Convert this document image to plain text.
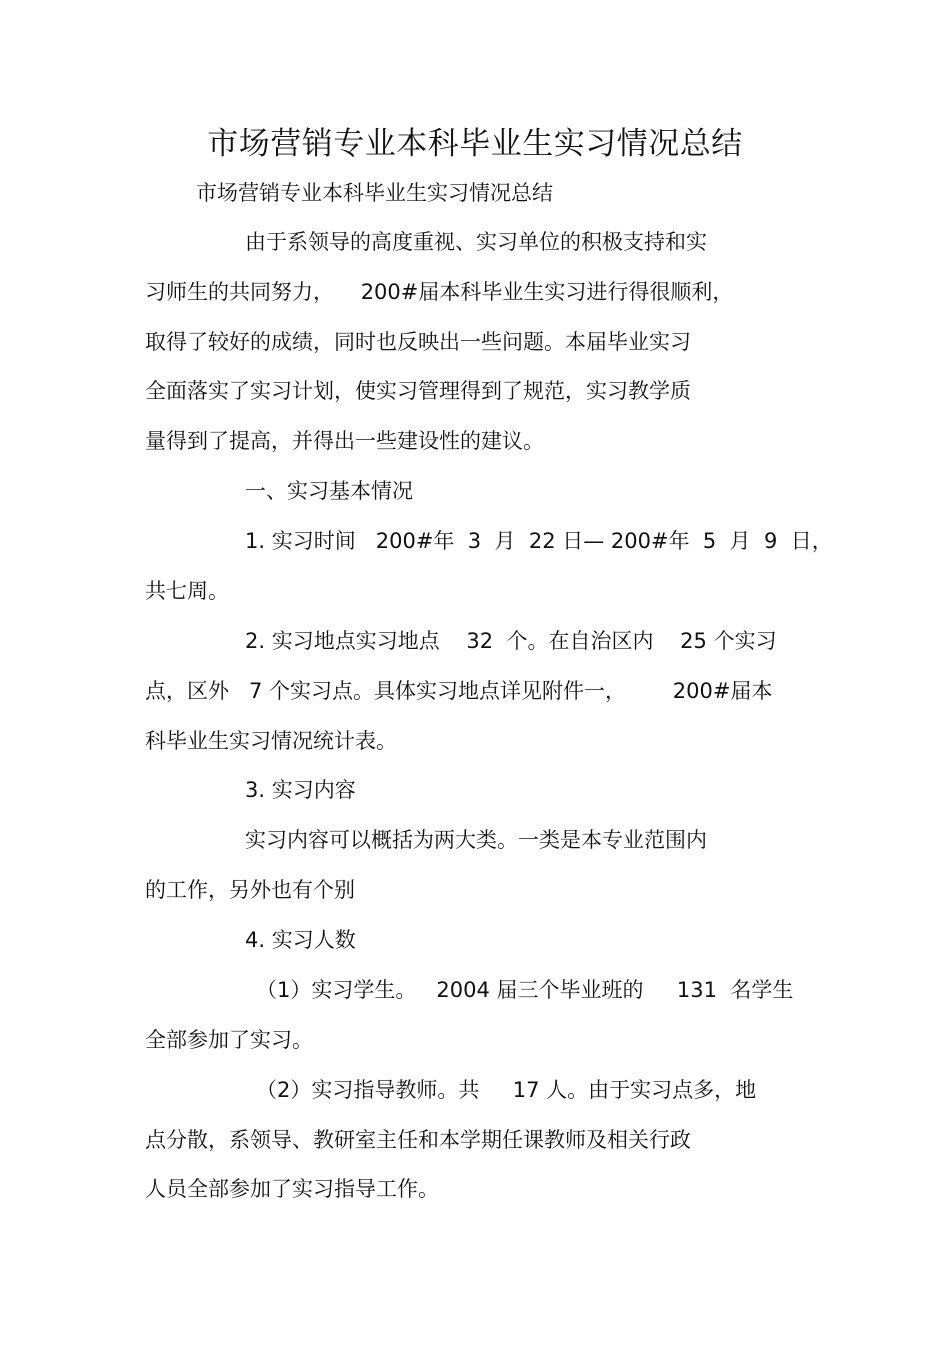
市场营销专业本科毕业生实习情况总结
市场营销专业本科毕业生实习情况总结
由于系领导的高度重视、实习单位的积极支持和实
习师生的共同努力，    200#届本科毕业生实习进行得很顺利，
取得了较好的成绩，同时也反映出一些问题。本届毕业实习
全面落实了实习计划，使实习管理得到了规范，实习教学质
量得到了提高，并得出一些建设性的建议。
一、实习基本情况
1. 实习时间   200#年  3  月  22 日— 200#年  5  月  9  日，
共七周。
2. 实习地点实习地点    32  个。在自治区内    25 个实习
点，区外   7 个实习点。具体实习地点详见附件一，       200#届本
科毕业生实习情况统计表。
3. 实习内容
实习内容可以概括为两大类。一类是本专业范围内
的工作，另外也有个别
4. 实习人数
（1）实习学生。   2004 届三个毕业班的     131  名学生
全部参加了实习。
（2）实习指导教师。共     17 人。由于实习点多，地
点分散，系领导、教研室主任和本学期任课教师及相关行政
人员全部参加了实习指导工作。
